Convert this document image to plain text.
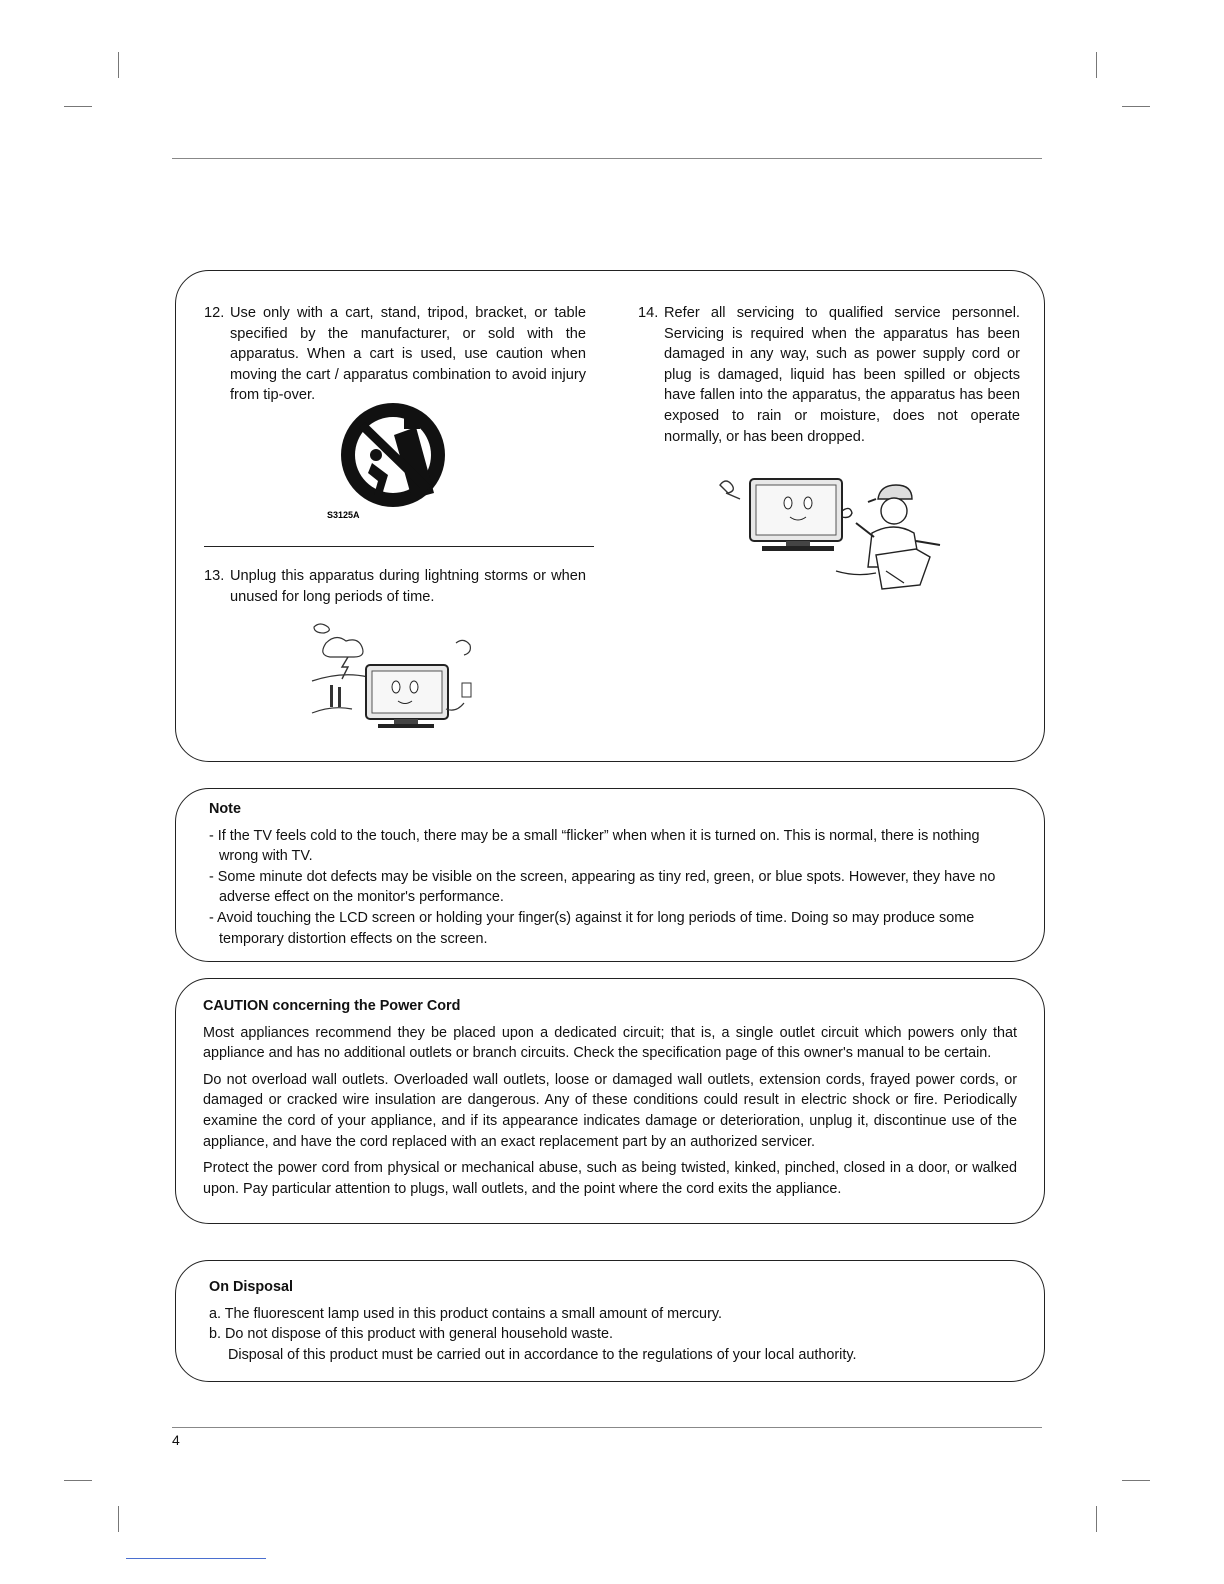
12. Use only with a cart, stand, tripod, bracket, or table specified by the manufacturer, or sold with the apparatus. When a cart is used, use caution when moving the cart / apparatus combination to avoid injury from tip-over.
S3125A
13. Unplug this apparatus during lightning storms or when unused for long periods of time.
14. Refer all servicing to qualified service personnel. Servicing is required when the apparatus has been damaged in any way, such as power supply cord or plug is damaged, liquid has been spilled or objects have fallen into the apparatus, the apparatus has been exposed to rain or moisture, does not operate normally, or has been dropped.
Note
- If the TV feels cold to the touch, there may be a small “flicker” when when it is turned on. This is normal, there is nothing wrong with TV.
- Some minute dot defects may be visible on the screen, appearing as tiny red, green, or blue spots. However, they have no adverse effect on the monitor's performance.
- Avoid touching the LCD screen or holding your finger(s) against it for long periods of time. Doing so may produce some temporary distortion effects on the screen.
CAUTION concerning the Power Cord
Most appliances recommend they be placed upon a dedicated circuit; that is, a single outlet circuit which powers only that appliance and has no additional outlets or branch circuits. Check the specification page of this owner's manual to be certain.
Do not overload wall outlets. Overloaded wall outlets, loose or damaged wall outlets, extension cords, frayed power cords, or damaged or cracked wire insulation are dangerous. Any of these conditions could result in electric shock or fire. Periodically examine the cord of your appliance, and if its appearance indicates damage or deterioration, unplug it, discontinue use of the appliance, and have the cord replaced with an exact replacement part by an authorized servicer.
Protect the power cord from physical or mechanical abuse, such as being twisted, kinked, pinched, closed in a door, or walked upon. Pay particular attention to plugs, wall outlets, and the point where the cord exits the appliance.
On Disposal
a. The fluorescent lamp used in this product contains a small amount of mercury.
b. Do not dispose of this product with general household waste.
Disposal of this product must be carried out in accordance to the regulations of your local authority.
4
